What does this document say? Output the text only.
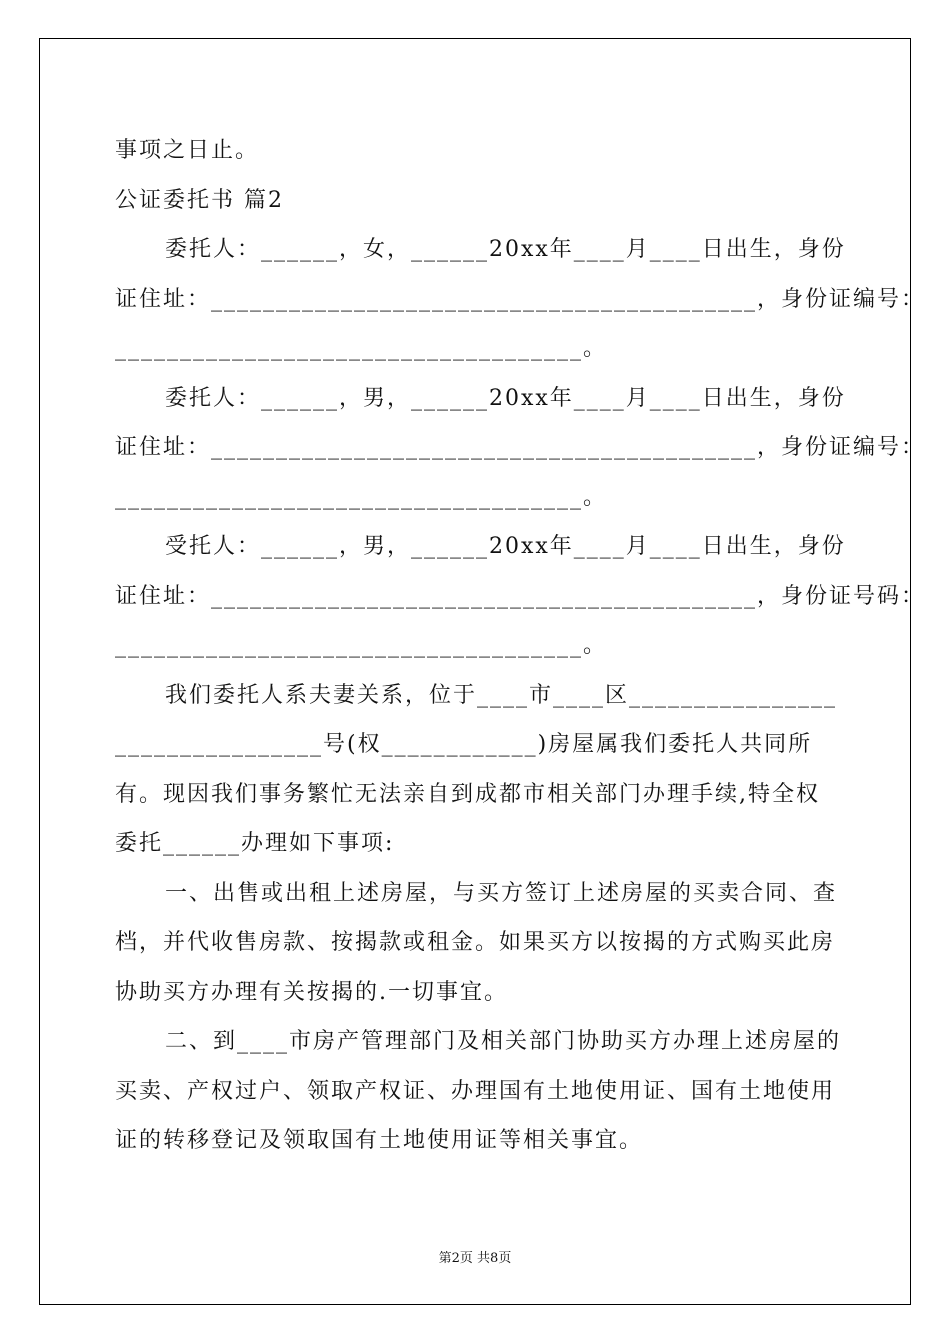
事项之日止。
公证委托书 篇2
委托人：______，女，______20xx年____月____日出生，身份
证住址：__________________________________________，身份证编号：
____________________________________。
委托人：______，男，______20xx年____月____日出生，身份
证住址：__________________________________________，身份证编号：
____________________________________。
受托人：______，男，______20xx年____月____日出生，身份
证住址：__________________________________________，身份证号码：
____________________________________。
我们委托人系夫妻关系，位于____市____区________________
________________号(权____________)房屋属我们委托人共同所
有。现因我们事务繁忙无法亲自到成都市相关部门办理手续,特全权
委托______办理如下事项:
一、出售或出租上述房屋，与买方签订上述房屋的买卖合同、查
档，并代收售房款、按揭款或租金。如果买方以按揭的方式购买此房
协助买方办理有关按揭的.一切事宜。
二、到____市房产管理部门及相关部门协助买方办理上述房屋的
买卖、产权过户、领取产权证、办理国有土地使用证、国有土地使用
证的转移登记及领取国有土地使用证等相关事宜。
第2页 共8页
